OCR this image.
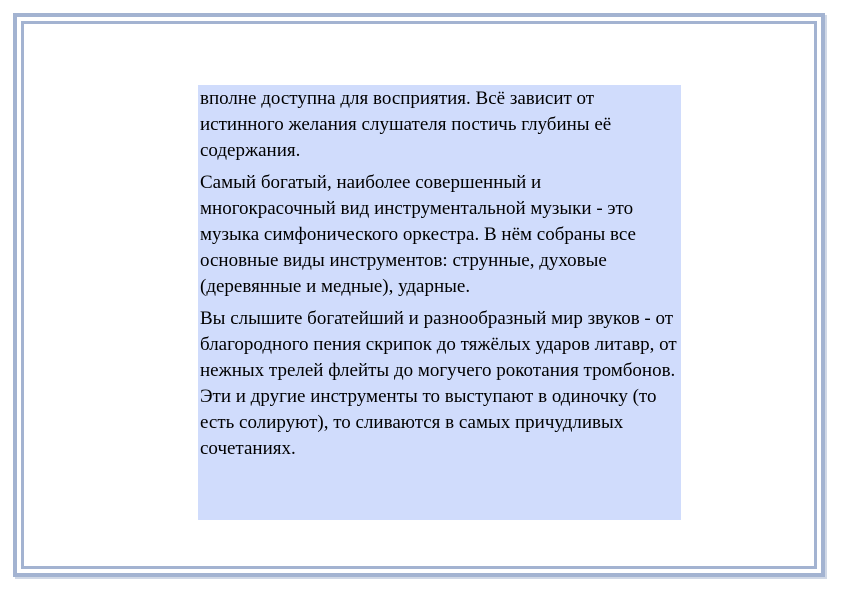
вполне доступна для восприятия. Всё зависит от истинного желания слушателя постичь глубины её содержания.

Самый богатый, наиболее совершенный и многокрасочный вид инструментальной музыки - это музыка симфонического оркестра. В нём собраны все основные виды инструментов: струнные, духовые (деревянные и медные), ударные.

Вы слышите богатейший и разнообразный мир звуков - от благородного пения скрипок до тяжёлых ударов литавр, от нежных трелей флейты до могучего рокотания тромбонов. Эти и другие инструменты то выступают в одиночку (то есть солируют), то сливаются в самых причудливых сочетаниях.
